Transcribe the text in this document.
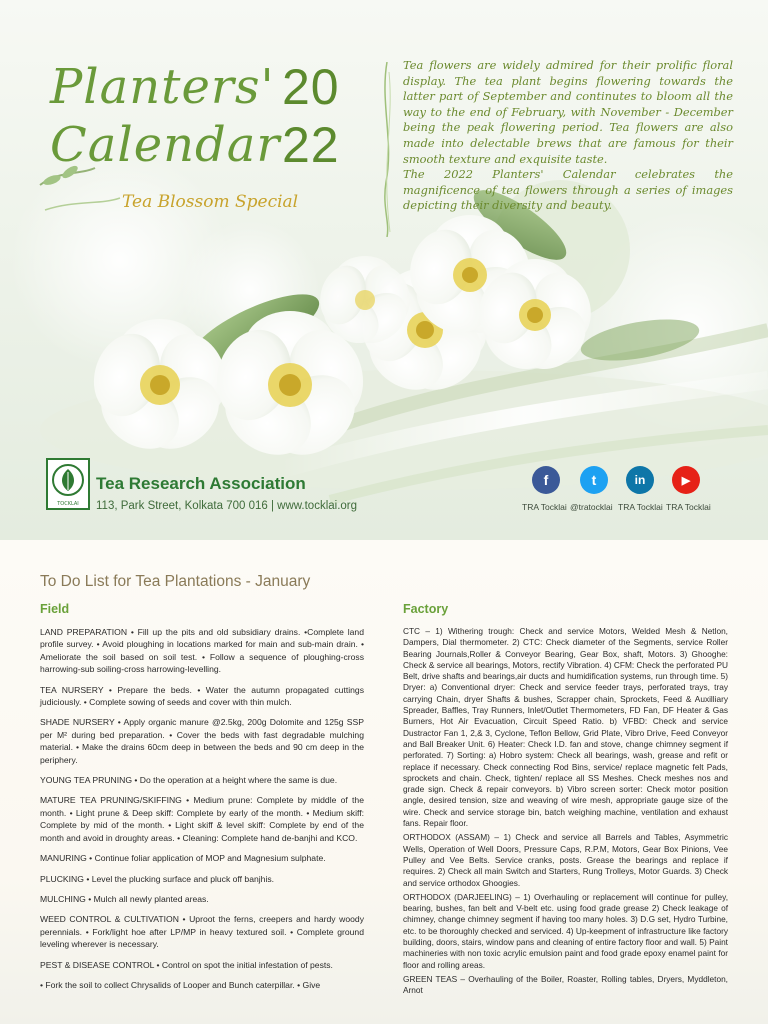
Planters'
Calendar
20
22
Tea Blossom Special

Tea flowers are widely admired for their prolific floral display. The tea plant begins flowering towards the latter part of September and continutes to bloom all the way to the end of February, with November - December being the peak flowering period. Tea flowers are also made into delectable brews that are famous for their smooth texture and exquisite taste.

The 2022 Planters' Calendar celebrates the magnificence of tea flowers through a series of images depicting their diversity and beauty.

TOCKLAI
Tea Research Association
113, Park Street, Kolkata 700 016 | www.tocklai.org
f	t	in	▶
TRA Tocklai @tratocklai TRA Tocklai TRA Tocklai
To Do List for Tea Plantations - January
Field	Factory

LAND PREPARATION • Fill up the pits and old subsidiary drains. •Complete land profile survey. • Avoid ploughing in locations marked for main and sub-main drain. • Ameliorate the soil based on soil test. • Follow a sequence of ploughing-cross harrowing-sub soiling-cross harrowing-levelling.

TEA NURSERY • Prepare the beds. • Water the autumn propagated cuttings judiciously. • Complete sowing of seeds and cover with thin mulch.

SHADE NURSERY • Apply organic manure @2.5kg, 200g Dolomite and 125g SSP per M² during bed preparation. • Cover the beds with fast degradable mulching material. • Make the drains 60cm deep in between the beds and 90 cm deep in the periphery.

YOUNG TEA PRUNING • Do the operation at a height where the same is due.

MATURE TEA PRUNING/SKIFFING • Medium prune: Complete by middle of the month. • Light prune & Deep skiff: Complete by early of the month. • Medium skiff: Complete by mid of the month. • Light skiff & level skiff: Complete by end of the month and avoid in droughty areas. • Cleaning: Complete hand de-banjhi and KCO.

MANURING • Continue foliar application of MOP and Magnesium sulphate.

PLUCKING • Level the plucking surface and pluck off banjhis.

MULCHING • Mulch all newly planted areas.

WEED CONTROL & CULTIVATION • Uproot the ferns, creepers and hardy woody perennials. • Fork/light hoe after LP/MP in heavy textured soil. • Complete ground leveling wherever is necessary.

PEST & DISEASE CONTROL • Control on spot the initial infestation of pests.

• Fork the soil to collect Chrysalids of Looper and Bunch caterpillar. • Give

CTC – 1) Withering trough: Check and service Motors, Welded Mesh & Netlon, Dampers, Dial thermometer. 2) CTC: Check diameter of the Segments, service Roller Bearing Journals,Roller & Conveyor Bearing, Gear Box, shaft, Motors. 3) Ghooghe: Check & service all bearings, Motors, rectify Vibration. 4) CFM: Check the perforated PU Belt, drive shafts and bearings,air ducts and humidification systems, run through time. 5) Dryer: a) Conventional dryer: Check and service feeder trays, perforated trays, tray carrying Chain, dryer Shafts & bushes, Scrapper chain, Sprockets, Feed & Auxilliary Spreader, Baffles, Tray Runners, Inlet/Outlet Thermometers, FD Fan, DF Heater & Gas Burners, Hot Air Evacuation, Circuit Speed Ratio. b) VFBD: Check and service Dustractor Fan 1, 2,& 3, Cyclone, Teflon Bellow, Grid Plate, Vibro Drive, Feed Conveyor and Ball Breaker Unit. 6) Heater: Check I.D. fan and stove, change chimney segment if perforated. 7) Sorting: a) Hobro system: Check all bearings, wash, grease and refit or replace if necessary. Check connecting Rod Bins, service/ replace magnetic felt Pads, sprockets and chain. Check, tighten/ replace all SS Meshes. Check meshes nos and grade sign. Check & repair conveyors. b) Vibro screen sorter: Check motor position angle, desired tension, size and weaving of wire mesh, appropriate gauge size of the wire. Check and service storage bin, batch weighing machine, ventilation and exhaust fans. Repair floor.

ORTHODOX (ASSAM) – 1) Check and service all Barrels and Tables, Asymmetric Wells, Operation of Well Doors, Pressure Caps, R.P.M, Motors, Gear Box Pinions, Vee Pulley and Vee Belts. Service cranks, posts. Grease the bearings and replace if requires. 2) Check all main Switch and Starters, Rung Trolleys, Motor Guards. 3) Check and service orthodox Ghoogies.

ORTHODOX (DARJEELING) – 1) Overhauling or replacement will continue for pulley, bearing, bushes, fan belt and V-belt etc. using food grade grease 2) Check leakage of chimney, change chimney segment if having too many holes. 3) D.G set, Hydro Turbine, etc. to be thoroughly checked and serviced. 4) Up-keepment of infrastructure like factory building, doors, stairs, window pans and cleaning of entire factory floor and wall. 5) Paint machineries with non toxic acrylic emulsion paint and food grade epoxy enamel paint for floor and rolling areas.

GREEN TEAS – Overhauling of the Boiler, Roaster, Rolling tables, Dryers, Myddleton, Arnot
